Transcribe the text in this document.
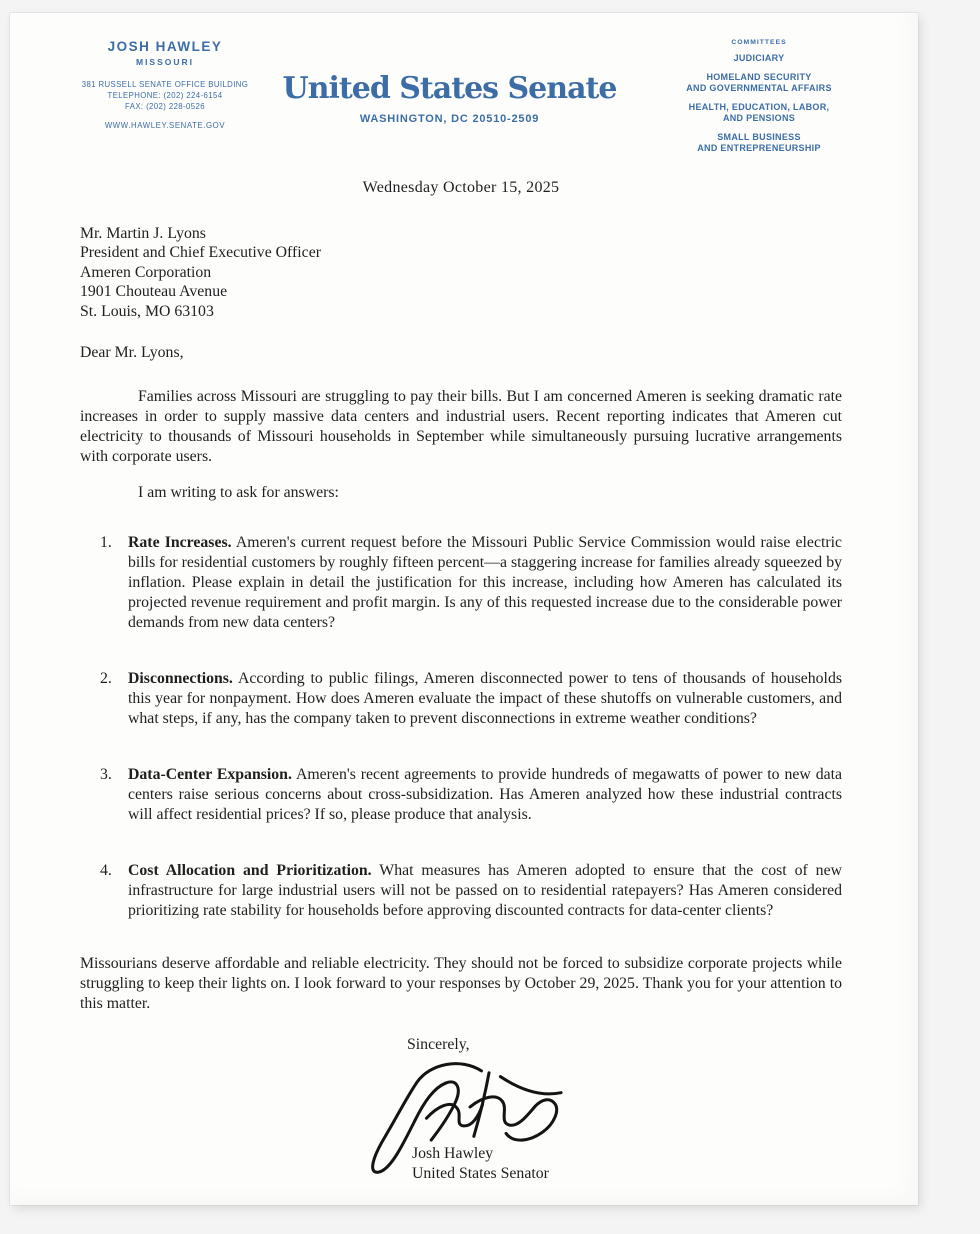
JOSH HAWLEY
MISSOURI
381 RUSSELL SENATE OFFICE BUILDING
TELEPHONE: (202) 224-6154
FAX: (202) 228-0526
WWW.HAWLEY.SENATE.GOV
United States Senate
WASHINGTON, DC 20510-2509
COMMITTEES
JUDICIARY
HOMELAND SECURITY
AND GOVERNMENTAL AFFAIRS
HEALTH, EDUCATION, LABOR,
AND PENSIONS
SMALL BUSINESS
AND ENTREPRENEURSHIP
Wednesday October 15, 2025
Mr. Martin J. Lyons
President and Chief Executive Officer
Ameren Corporation
1901 Chouteau Avenue
St. Louis, MO 63103
Dear Mr. Lyons,

Families across Missouri are struggling to pay their bills. But I am concerned Ameren is seeking dramatic rate increases in order to supply massive data centers and industrial users. Recent reporting indicates that Ameren cut electricity to thousands of Missouri households in September while simultaneously pursuing lucrative arrangements with corporate users.

I am writing to ask for answers:

1.	Rate Increases. Ameren's current request before the Missouri Public Service Commission would raise electric bills for residential customers by roughly fifteen percent—a staggering increase for families already squeezed by inflation. Please explain in detail the justification for this increase, including how Ameren has calculated its projected revenue requirement and profit margin. Is any of this requested increase due to the considerable power demands from new data centers?
2.	Disconnections. According to public filings, Ameren disconnected power to tens of thousands of households this year for nonpayment. How does Ameren evaluate the impact of these shutoffs on vulnerable customers, and what steps, if any, has the company taken to prevent disconnections in extreme weather conditions?
3.	Data-Center Expansion. Ameren's recent agreements to provide hundreds of megawatts of power to new data centers raise serious concerns about cross-subsidization. Has Ameren analyzed how these industrial contracts will affect residential prices? If so, please produce that analysis.
4.	Cost Allocation and Prioritization. What measures has Ameren adopted to ensure that the cost of new infrastructure for large industrial users will not be passed on to residential ratepayers? Has Ameren considered prioritizing rate stability for households before approving discounted contracts for data-center clients?

Missourians deserve affordable and reliable electricity. They should not be forced to subsidize corporate projects while struggling to keep their lights on. I look forward to your responses by October 29, 2025. Thank you for your attention to this matter.

Sincerely,
Josh Hawley
United States Senator
